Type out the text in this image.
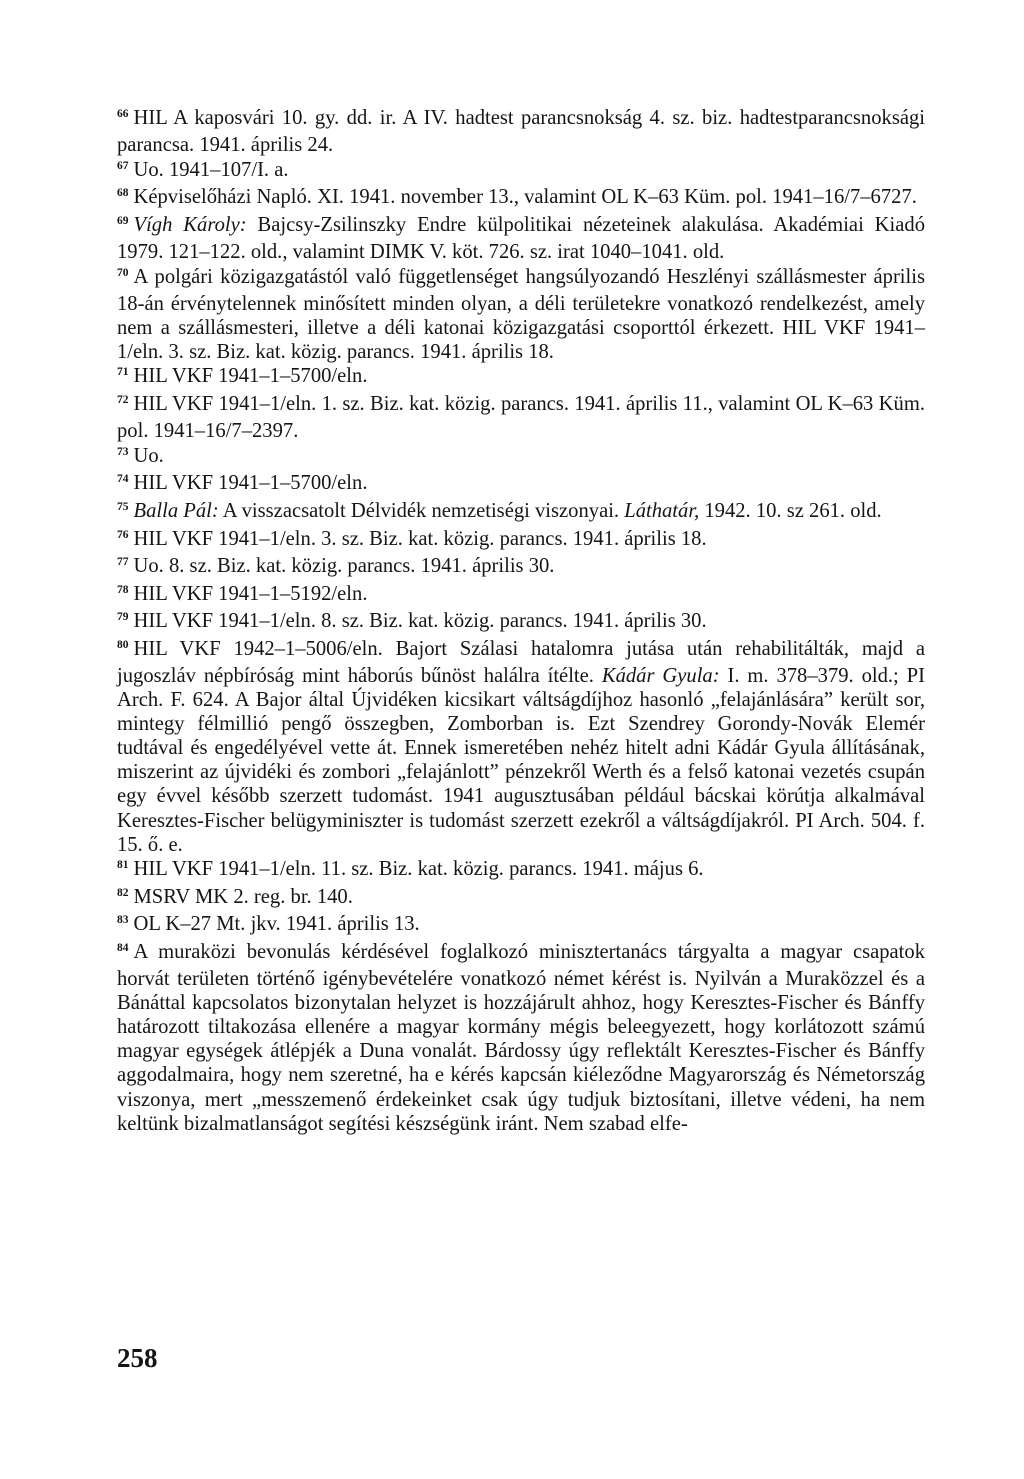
$^{66}$ HIL A kaposvári 10. gy. dd. ir. A IV. hadtest parancsnokság 4. sz. biz. hadtestparancsnoksági parancsa. 1941. április 24.

$^{67}$ Uo. 1941–107/I. a.

$^{68}$ Képviselőházi Napló. XI. 1941. november 13., valamint OL K–63 Küm. pol. 1941–16/7–6727.

$^{69}$ Vígh Károly: Bajcsy-Zsilinszky Endre külpolitikai nézeteinek alakulása. Akadémiai Kiadó 1979. 121–122. old., valamint DIMK V. köt. 726. sz. irat 1040–1041. old.

$^{70}$ A polgári közigazgatástól való függetlenséget hangsúlyozandó Heszlényi szállásmester április 18-án érvénytelennek minősített minden olyan, a déli területekre vonatkozó rendelkezést, amely nem a szállásmesteri, illetve a déli katonai közigazgatási csoporttól érkezett. HIL VKF 1941–1/eln. 3. sz. Biz. kat. közig. parancs. 1941. április 18.

$^{71}$ HIL VKF 1941–1–5700/eln.

$^{72}$ HIL VKF 1941–1/eln. 1. sz. Biz. kat. közig. parancs. 1941. április 11., valamint OL K–63 Küm. pol. 1941–16/7–2397.

$^{73}$ Uo.

$^{74}$ HIL VKF 1941–1–5700/eln.

$^{75}$ Balla Pál: A visszacsatolt Délvidék nemzetiségi viszonyai. Láthatár, 1942. 10. sz 261. old.

$^{76}$ HIL VKF 1941–1/eln. 3. sz. Biz. kat. közig. parancs. 1941. április 18.

$^{77}$ Uo. 8. sz. Biz. kat. közig. parancs. 1941. április 30.

$^{78}$ HIL VKF 1941–1–5192/eln.

$^{79}$ HIL VKF 1941–1/eln. 8. sz. Biz. kat. közig. parancs. 1941. április 30.

$^{80}$ HIL VKF 1942–1–5006/eln. Bajort Szálasi hatalomra jutása után rehabilitálták, majd a jugoszláv népbíróság mint háborús bűnöst halálra ítélte. Kádár Gyula: I. m. 378–379. old.; PI Arch. F. 624. A Bajor által Újvidéken kicsikart váltságdíjhoz hasonló „felajánlására” került sor, mintegy félmillió pengő összegben, Zomborban is. Ezt Szendrey Gorondy-Novák Elemér tudtával és engedélyével vette át. Ennek ismeretében nehéz hitelt adni Kádár Gyula állításának, miszerint az újvidéki és zombori „felajánlott” pénzekről Werth és a felső katonai vezetés csupán egy évvel később szerzett tudomást. 1941 augusztusában például bácskai körútja alkalmával Keresztes-Fischer belügyminiszter is tudomást szerzett ezekről a váltságdíjakról. PI Arch. 504. f. 15. ő. e.

$^{81}$ HIL VKF 1941–1/eln. 11. sz. Biz. kat. közig. parancs. 1941. május 6.

$^{82}$ MSRV MK 2. reg. br. 140.

$^{83}$ OL K–27 Mt. jkv. 1941. április 13.

$^{84}$ A muraközi bevonulás kérdésével foglalkozó minisztertanács tárgyalta a magyar csapatok horvát területen történő igénybevételére vonatkozó német kérést is. Nyilván a Muraközzel és a Bánáttal kapcsolatos bizonytalan helyzet is hozzájárult ahhoz, hogy Keresztes-Fischer és Bánffy határozott tiltakozása ellenére a magyar kormány mégis beleegyezett, hogy korlátozott számú magyar egységek átlépjék a Duna vonalát. Bárdossy úgy reflektált Keresztes-Fischer és Bánffy aggodalmaira, hogy nem szeretné, ha e kérés kapcsán kiéleződne Magyarország és Németország viszonya, mert „messzemenő érdekeinket csak úgy tudjuk biztosítani, illetve védeni, ha nem keltünk bizalmatlanságot segítési készségünk iránt. Nem szabad elfe-

258
